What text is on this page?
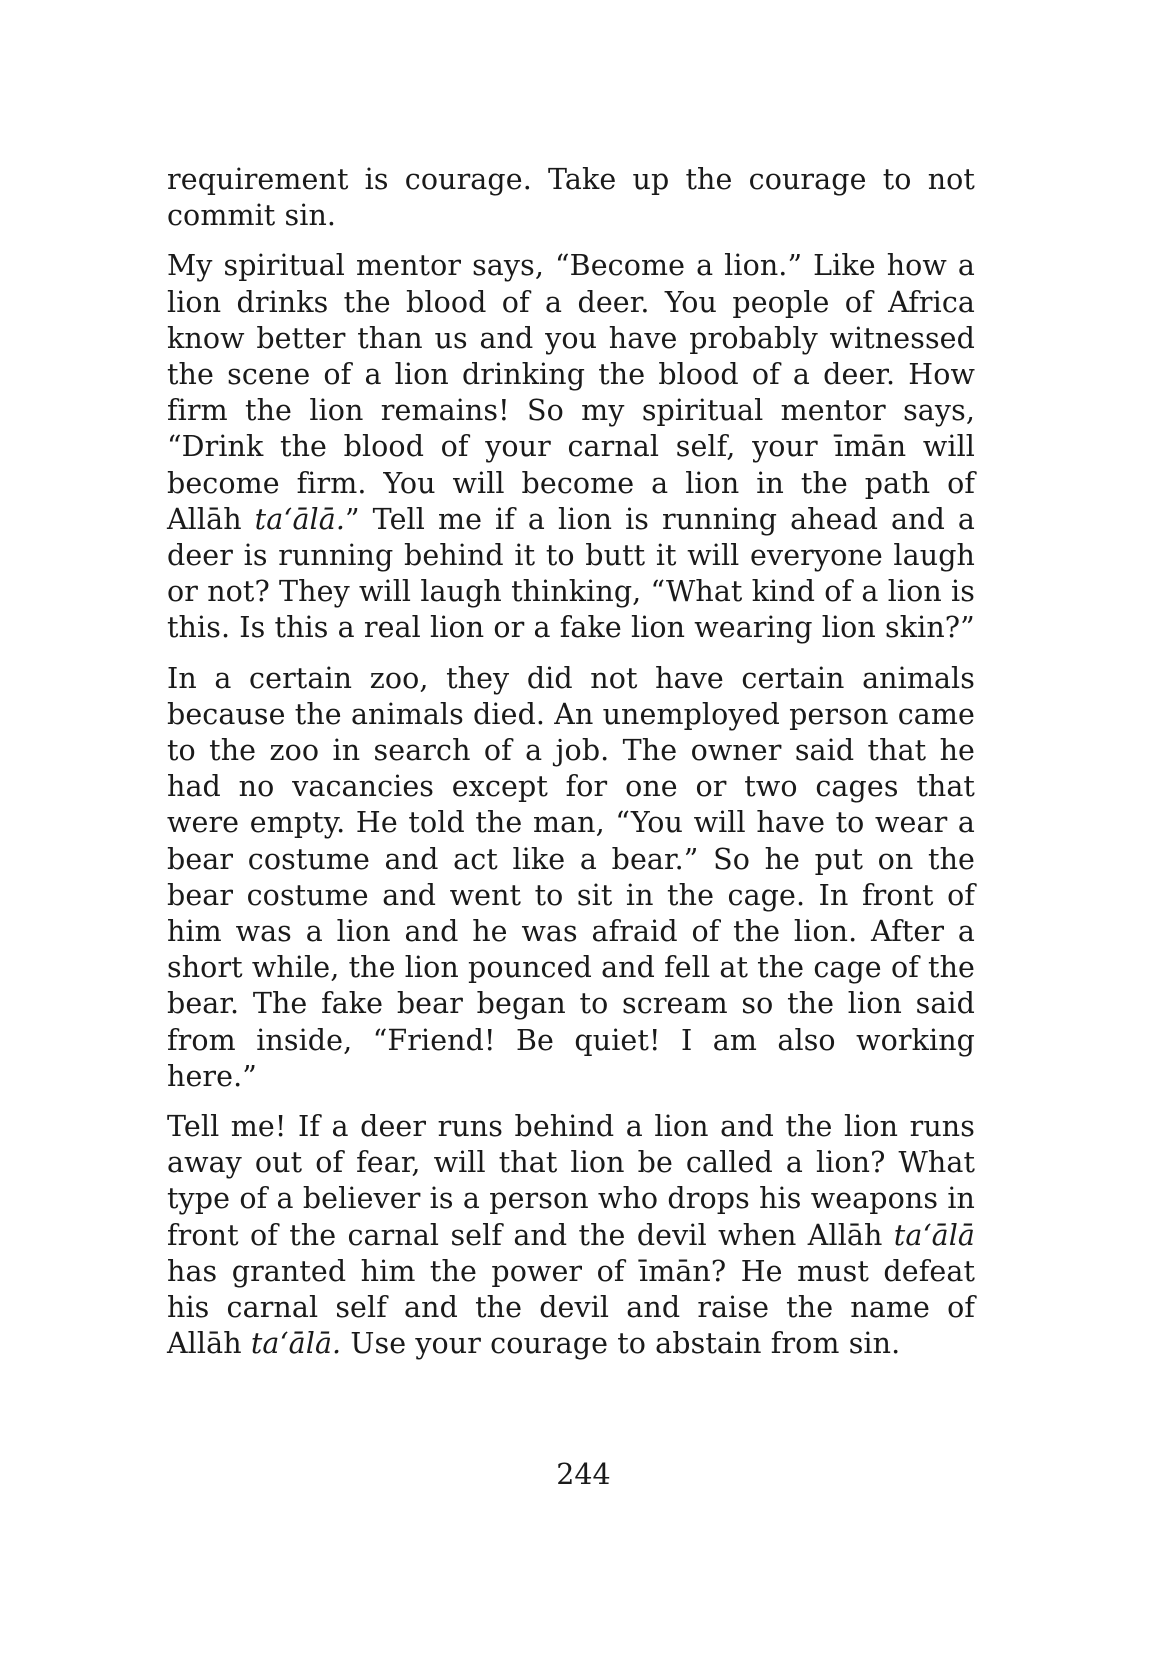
requirement is courage. Take up the courage to not commit sin.

My spiritual mentor says, “Become a lion.” Like how a lion drinks the blood of a deer. You people of Africa know better than us and you have probably witnessed the scene of a lion drinking the blood of a deer. How firm the lion remains! So my spiritual mentor says, “Drink the blood of your carnal self, your īmān will become firm. You will become a lion in the path of Allāh ta‘ālā.” Tell me if a lion is running ahead and a deer is running behind it to butt it will everyone laugh or not? They will laugh thinking, “What kind of a lion is this. Is this a real lion or a fake lion wearing lion skin?”

In a certain zoo, they did not have certain animals because the animals died. An unemployed person came to the zoo in search of a job. The owner said that he had no vacancies except for one or two cages that were empty. He told the man, “You will have to wear a bear costume and act like a bear.” So he put on the bear costume and went to sit in the cage. In front of him was a lion and he was afraid of the lion. After a short while, the lion pounced and fell at the cage of the bear. The fake bear began to scream so the lion said from inside, “Friend! Be quiet! I am also working here.”

Tell me! If a deer runs behind a lion and the lion runs away out of fear, will that lion be called a lion? What type of a believer is a person who drops his weapons in front of the carnal self and the devil when Allāh ta‘ālā has granted him the power of īmān? He must defeat his carnal self and the devil and raise the name of Allāh ta‘ālā. Use your courage to abstain from sin.

244
